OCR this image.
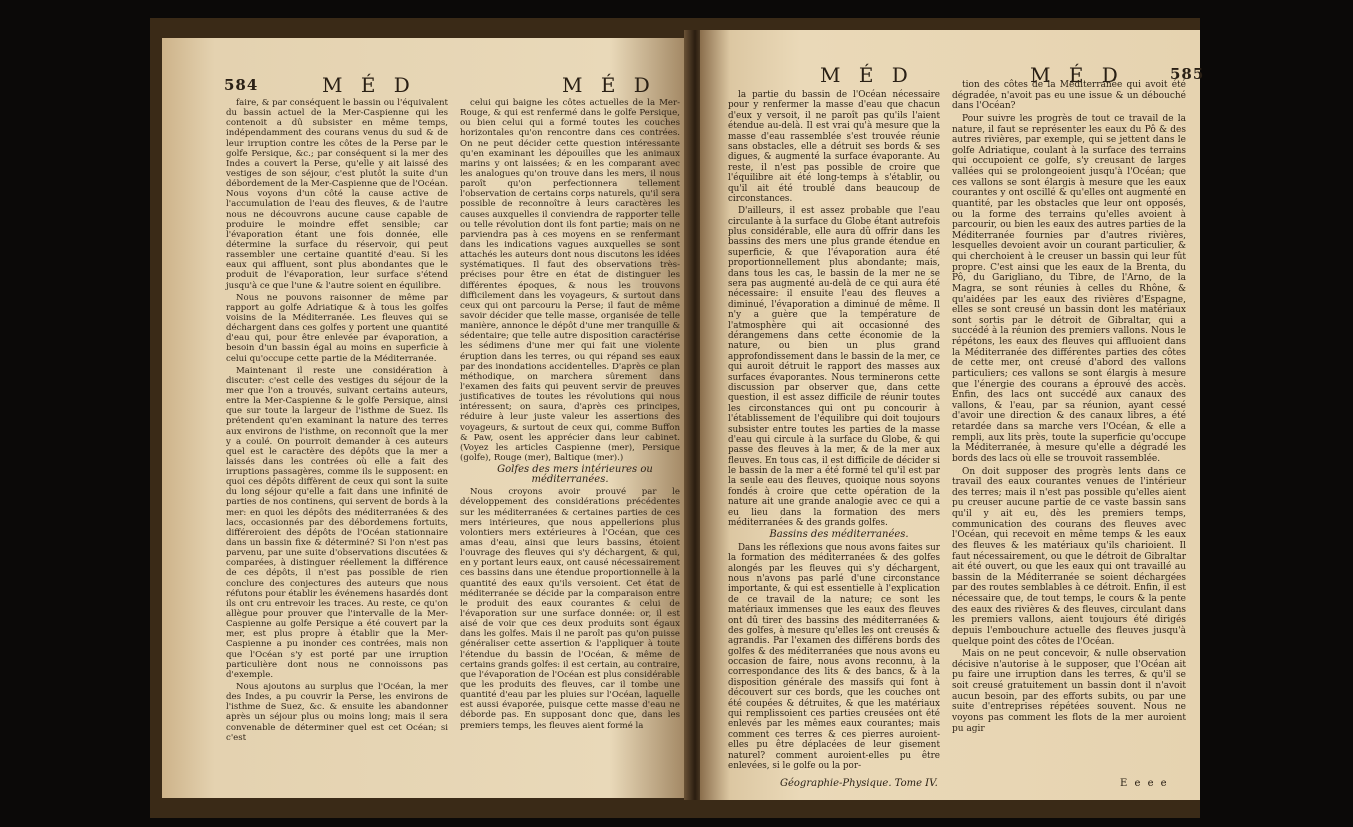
584	M É D	M É D

faire, & par conséquent le bassin ou l'équivalent du bassin actuel de la Mer-Caspienne qui les contenoit a dû subsister en même temps, indépendamment des courans venus du sud & de leur irruption contre les côtes de la Perse par le golfe Persique, &c.; par conséquent si la mer des Indes a couvert la Perse, qu'elle y ait laissé des vestiges de son séjour, c'est plutôt la suite d'un débordement de la Mer-Caspienne que de l'Océan. Nous voyons d'un côté la cause active de l'accumulation de l'eau des fleuves, & de l'autre nous ne découvrons aucune cause capable de produire le moindre effet sensible; car l'évaporation étant une fois donnée, elle détermine la surface du réservoir, qui peut rassembler une certaine quantité d'eau. Si les eaux qui affluent, sont plus abondantes que le produit de l'évaporation, leur surface s'étend jusqu'à ce que l'une & l'autre soient en équilibre.

Nous ne pouvons raisonner de même par rapport au golfe Adriatique & à tous les golfes voisins de la Méditerranée. Les fleuves qui se déchargent dans ces golfes y portent une quantité d'eau qui, pour être enlevée par évaporation, a besoin d'un bassin égal au moins en superficie à celui qu'occupe cette partie de la Méditerranée.

Maintenant il reste une considération à discuter: c'est celle des vestiges du séjour de la mer que l'on a trouvés, suivant certains auteurs, entre la Mer-Caspienne & le golfe Persique, ainsi que sur toute la largeur de l'isthme de Suez. Ils prétendent qu'en examinant la nature des terres aux environs de l'isthme, on reconnoît que la mer y a coulé. On pourroit demander à ces auteurs quel est le caractère des dépôts que la mer a laissés dans les contrées où elle a fait des irruptions passagères, comme ils le supposent: en quoi ces dépôts diffèrent de ceux qui sont la suite du long séjour qu'elle a fait dans une infinité de parties de nos continens, qui servent de bords à la mer: en quoi les dépôts des méditerranées & des lacs, occasionnés par des débordemens fortuits, différeroient des dépôts de l'Océan stationnaire dans un bassin fixe & déterminé? Si l'on n'est pas parvenu, par une suite d'observations discutées & comparées, à distinguer réellement la différence de ces dépôts, il n'est pas possible de rien conclure des conjectures des auteurs que nous réfutons pour établir les événemens hasardés dont ils ont cru entrevoir les traces. Au reste, ce qu'on allègue pour prouver que l'intervalle de la Mer-Caspienne au golfe Persique a été couvert par la mer, est plus propre à établir que la Mer-Caspienne a pu inonder ces contrées, mais non que l'Océan s'y est porté par une irruption particulière dont nous ne connoissons pas d'exemple.

Nous ajoutons au surplus que l'Océan, la mer des Indes, a pu couvrir la Perse, les environs de l'isthme de Suez, &c. & ensuite les abandonner après un séjour plus ou moins long; mais il sera convenable de déterminer quel est cet Océan; si c'est

celui qui baigne les côtes actuelles de la Mer-Rouge, & qui est renfermé dans le golfe Persique, ou bien celui qui a formé toutes les couches horizontales qu'on rencontre dans ces contrées. On ne peut décider cette question intéressante qu'en examinant les dépouilles que les animaux marins y ont laissées; & en les comparant avec les analogues qu'on trouve dans les mers, il nous paroît qu'on perfectionnera tellement l'observation de certains corps naturels, qu'il sera possible de reconnoître à leurs caractères les causes auxquelles il conviendra de rapporter telle ou telle révolution dont ils font partie; mais on ne parviendra pas à ces moyens en se renfermant dans les indications vagues auxquelles se sont attachés les auteurs dont nous discutons les idées systématiques. Il faut des observations très-précises pour être en état de distinguer les différentes époques, & nous les trouvons difficilement dans les voyageurs, & surtout dans ceux qui ont parcouru la Perse; il faut de même savoir décider que telle masse, organisée de telle manière, annonce le dépôt d'une mer tranquille & sédentaire; que telle autre disposition caractérise les sédimens d'une mer qui fait une violente éruption dans les terres, ou qui répand ses eaux par des inondations accidentelles. D'après ce plan méthodique, on marchera sûrement dans l'examen des faits qui peuvent servir de preuves justificatives de toutes les révolutions qui nous intéressent; on saura, d'après ces principes, réduire à leur juste valeur les assertions des voyageurs, & surtout de ceux qui, comme Buffon & Paw, osent les apprécier dans leur cabinet. (Voyez les articles Caspienne (mer), Persique (golfe), Rouge (mer), Baltique (mer).)

Golfes des mers intérieures ou méditerranées.

Nous croyons avoir prouvé par le développement des considérations précédentes sur les méditerranées & certaines parties de ces mers intérieures, que nous appellerions plus volontiers mers extérieures à l'Océan, que ces amas d'eau, ainsi que leurs bassins, étoient l'ouvrage des fleuves qui s'y déchargent, & qui, en y portant leurs eaux, ont causé nécessairement ces bassins dans une étendue proportionnelle à la quantité des eaux qu'ils versoient. Cet état de méditerranée se décide par la comparaison entre le produit des eaux courantes & celui de l'évaporation sur une surface donnée: or, il est aisé de voir que ces deux produits sont égaux dans les golfes. Mais il ne paroît pas qu'on puisse généraliser cette assertion & l'appliquer à toute l'étendue du bassin de l'Océan, & même de certains grands golfes: il est certain, au contraire, que l'évaporation de l'Océan est plus considérable que les produits des fleuves, car il tombe une quantité d'eau par les pluies sur l'Océan, laquelle est aussi évaporée, puisque cette masse d'eau ne déborde pas. En supposant donc que, dans les premiers temps, les fleuves aient formé la

M É D	M É D	585

la partie du bassin de l'Océan nécessaire pour y renfermer la masse d'eau que chacun d'eux y versoit, il ne paroît pas qu'ils l'aient étendue au-delà. Il est vrai qu'à mesure que la masse d'eau rassemblée s'est trouvée réunie sans obstacles, elle a détruit ses bords & ses digues, & augmenté la surface évaporante. Au reste, il n'est pas possible de croire que l'équilibre ait été long-temps à s'établir, ou qu'il ait été troublé dans beaucoup de circonstances.

D'ailleurs, il est assez probable que l'eau circulante à la surface du Globe étant autrefois plus considérable, elle aura dû offrir dans les bassins des mers une plus grande étendue en superficie, & que l'évaporation aura été proportionnellement plus abondante; mais, dans tous les cas, le bassin de la mer ne se sera pas augmenté au-delà de ce qui aura été nécessaire: il ensuite l'eau des fleuves a diminué, l'évaporation a diminué de même. Il n'y a guère que la température de l'atmosphère qui ait occasionné des dérangemens dans cette économie de la nature, ou bien un plus grand approfondissement dans le bassin de la mer, ce qui auroit détruit le rapport des masses aux surfaces évaporantes. Nous terminerons cette discussion par observer que, dans cette question, il est assez difficile de réunir toutes les circonstances qui ont pu concourir à l'établissement de l'équilibre qui doit toujours subsister entre toutes les parties de la masse d'eau qui circule à la surface du Globe, & qui passe des fleuves à la mer, & de la mer aux fleuves. En tous cas, il est difficile de décider si le bassin de la mer a été formé tel qu'il est par la seule eau des fleuves, quoique nous soyons fondés à croire que cette opération de la nature ait une grande analogie avec ce qui a eu lieu dans la formation des mers méditerranées & des grands golfes.

Bassins des méditerranées.

Dans les réflexions que nous avons faites sur la formation des méditerranées & des golfes alongés par les fleuves qui s'y déchargent, nous n'avons pas parlé d'une circonstance importante, & qui est essentielle à l'explication de ce travail de la nature; ce sont les matériaux immenses que les eaux des fleuves ont dû tirer des bassins des méditerranées & des golfes, à mesure qu'elles les ont creusés & agrandis. Par l'examen des différens bords des golfes & des méditerranées que nous avons eu occasion de faire, nous avons reconnu, à la correspondance des lits & des bancs, & à la disposition générale des massifs qui font à découvert sur ces bords, que les couches ont été coupées & détruites, & que les matériaux qui remplissoient ces parties creusées ont été enlevés par les mêmes eaux courantes; mais comment ces terres & ces pierres auroient-elles pu être déplacées de leur gisement naturel? comment auroient-elles pu être enlevées, si le golfe ou la por-

tion des côtes de la Méditerranée qui avoit été dégradée, n'avoit pas eu une issue & un débouché dans l'Océan?

Pour suivre les progrès de tout ce travail de la nature, il faut se représenter les eaux du Pô & des autres rivières, par exemple, qui se jettent dans le golfe Adriatique, coulant à la surface des terrains qui occupoient ce golfe, s'y creusant de larges vallées qui se prolongeoient jusqu'à l'Océan; que ces vallons se sont élargis à mesure que les eaux courantes y ont oscillé & qu'elles ont augmenté en quantité, par les obstacles que leur ont opposés, ou la forme des terrains qu'elles avoient à parcourir, ou bien les eaux des autres parties de la Méditerranée fournies par d'autres rivières, lesquelles devoient avoir un courant particulier, & qui cherchoient à le creuser un bassin qui leur fût propre. C'est ainsi que les eaux de la Brenta, du Pô, du Garigliano, du Tibre, de l'Arno, de la Magra, se sont réunies à celles du Rhône, & qu'aidées par les eaux des rivières d'Espagne, elles se sont creusé un bassin dont les matériaux sont sortis par le détroit de Gibraltar, qui a succédé à la réunion des premiers vallons. Nous le répétons, les eaux des fleuves qui affluoient dans la Méditerranée des différentes parties des côtes de cette mer, ont creusé d'abord des vallons particuliers; ces vallons se sont élargis à mesure que l'énergie des courans a éprouvé des accès. Enfin, des lacs ont succédé aux canaux des vallons, & l'eau, par sa réunion, ayant cessé d'avoir une direction & des canaux libres, a été retardée dans sa marche vers l'Océan, & elle a rempli, aux lits près, toute la superficie qu'occupe la Méditerranée, à mesure qu'elle a dégradé les bords des lacs où elle se trouvoit rassemblée.

On doit supposer des progrès lents dans ce travail des eaux courantes venues de l'intérieur des terres; mais il n'est pas possible qu'elles aient pu creuser aucune partie de ce vaste bassin sans qu'il y ait eu, dès les premiers temps, communication des courans des fleuves avec l'Océan, qui recevoit en même temps & les eaux des fleuves & les matériaux qu'ils charioient. Il faut nécessairement, ou que le détroit de Gibraltar ait été ouvert, ou que les eaux qui ont travaillé au bassin de la Méditerranée se soient déchargées par des routes semblables à ce détroit. Enfin, il est nécessaire que, de tout temps, le cours & la pente des eaux des rivières & des fleuves, circulant dans les premiers vallons, aient toujours été dirigés depuis l'embouchure actuelle des fleuves jusqu'à quelque point des côtes de l'Océan.

Mais on ne peut concevoir, & nulle observation décisive n'autorise à le supposer, que l'Océan ait pu faire une irruption dans les terres, & qu'il se soit creusé gratuitement un bassin dont il n'avoit aucun besoin, par des efforts subits, ou par une suite d'entreprises répétées souvent. Nous ne voyons pas comment les flots de la mer auroient pu agir

Géographie-Physique. Tome IV.	E e e e
